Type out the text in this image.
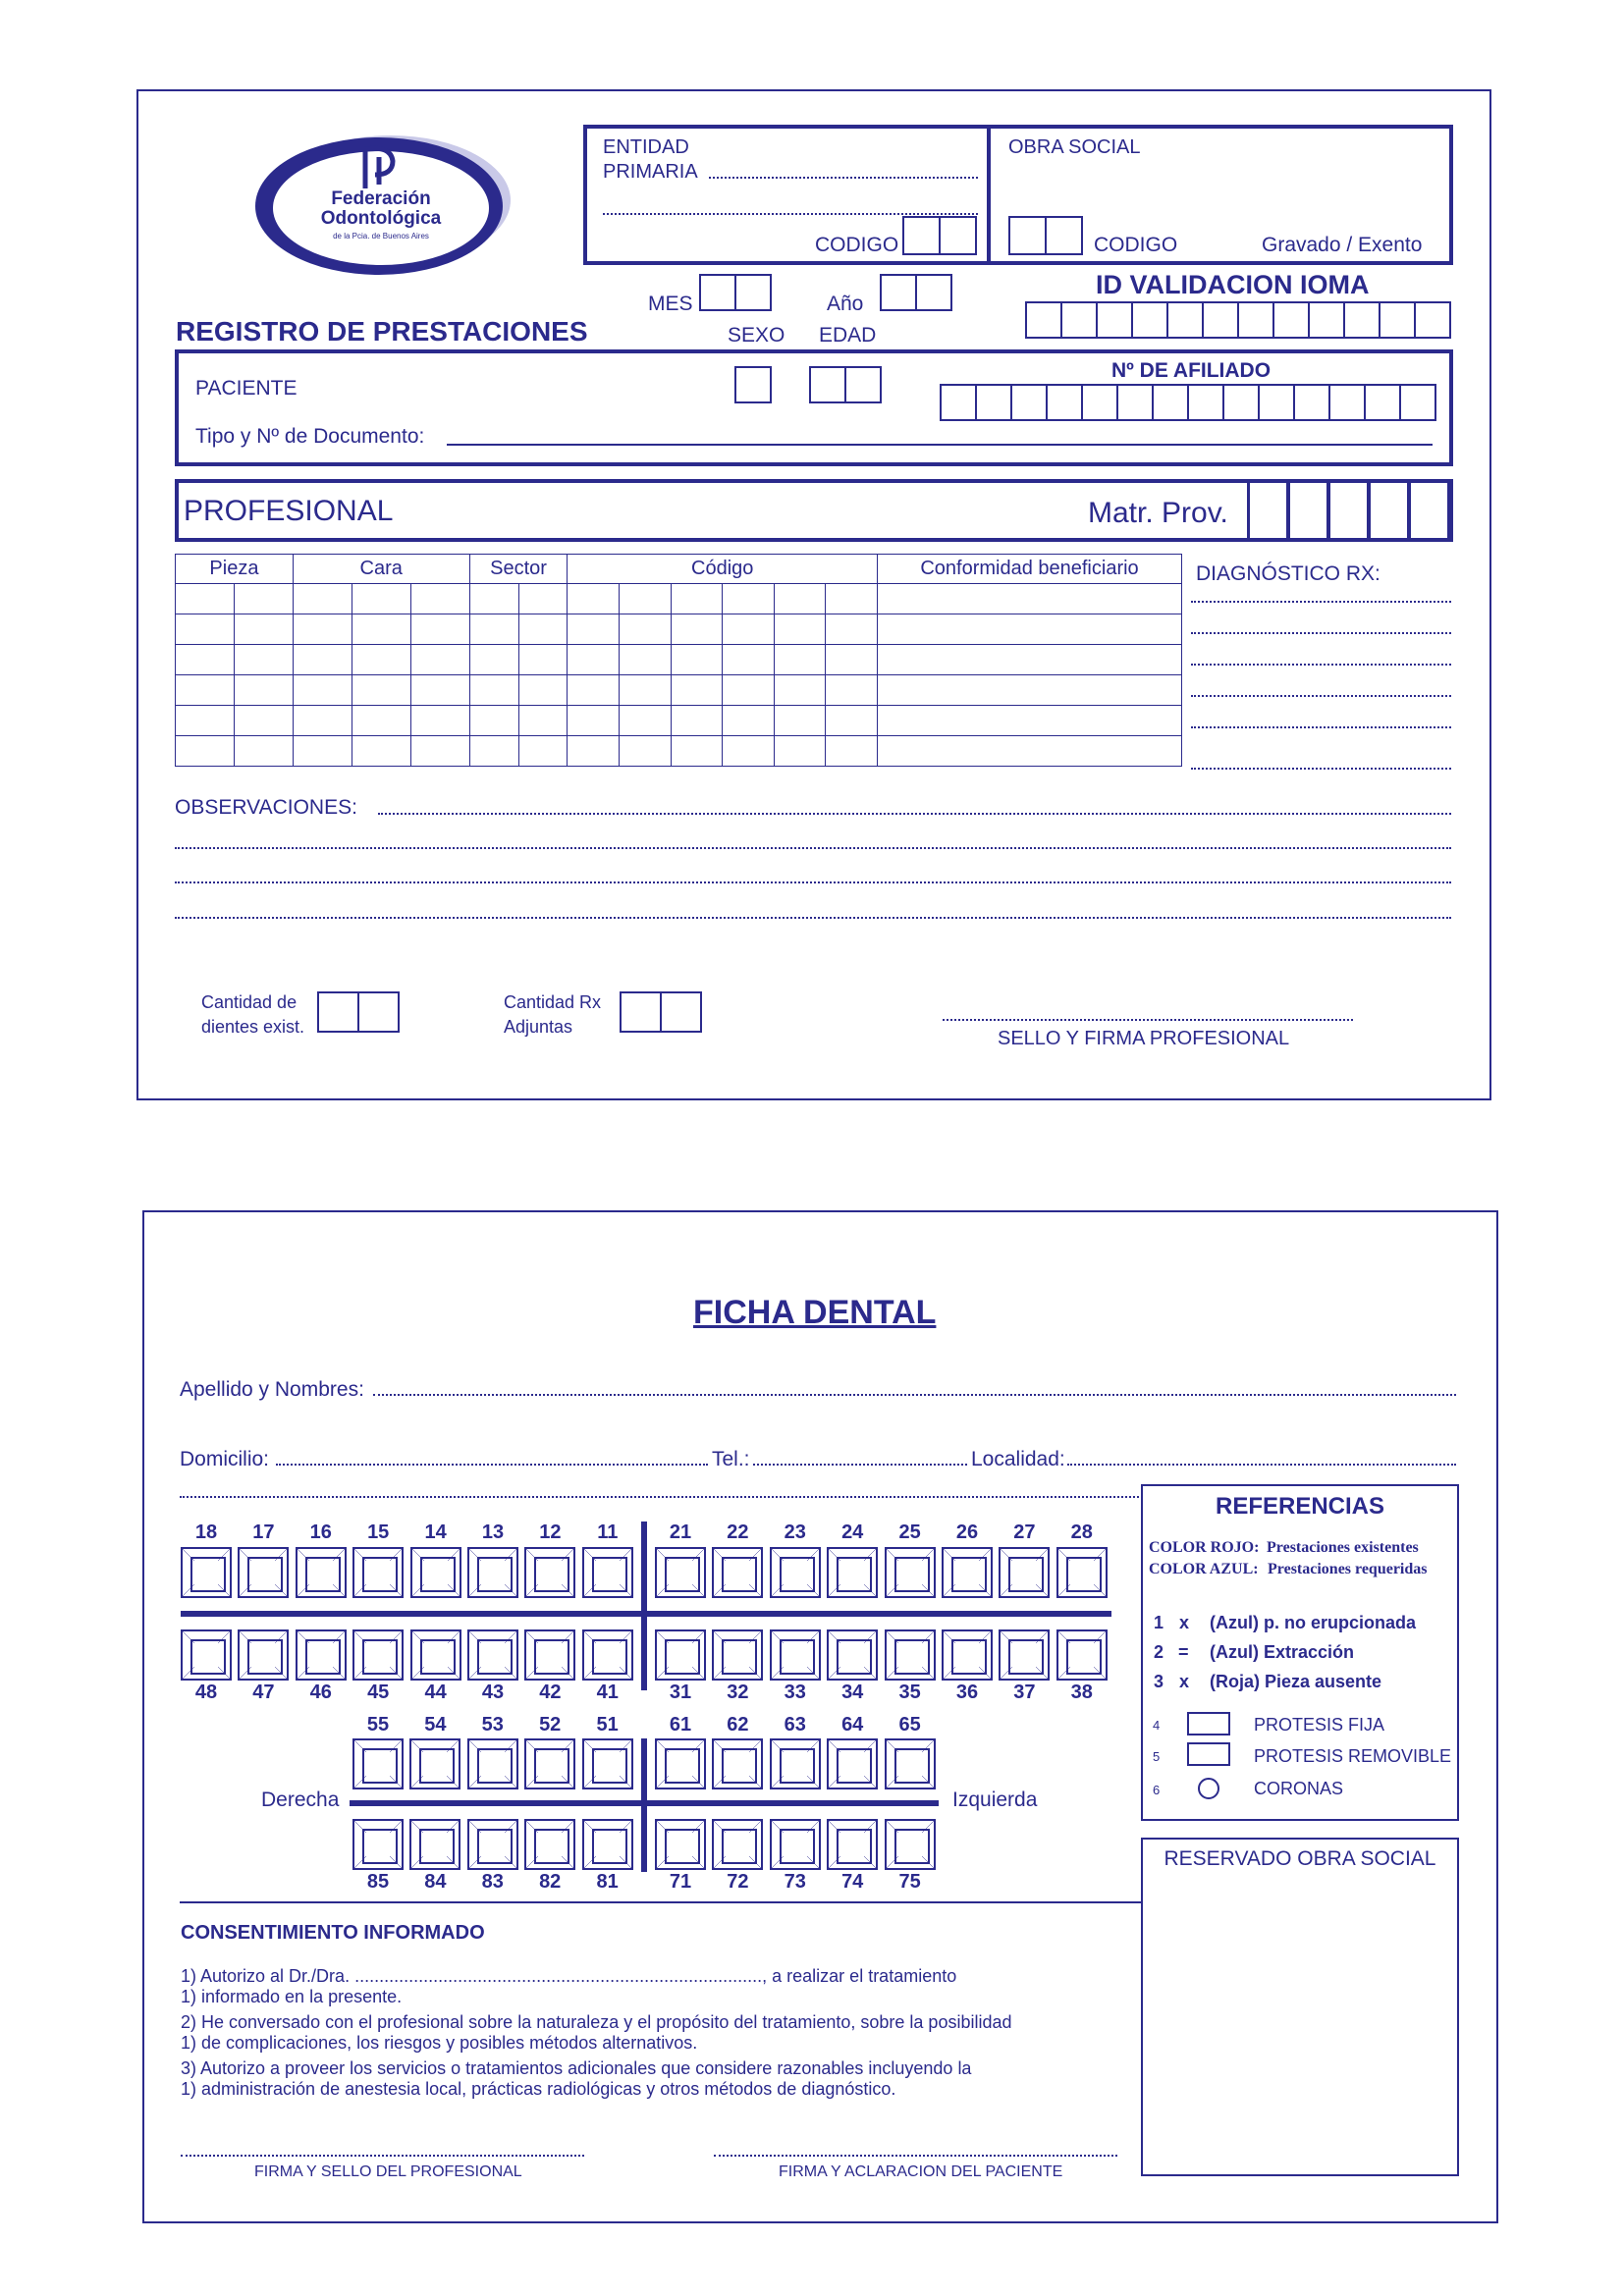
Federación
Odontológica
de la Pcia. de Buenos Aires
ENTIDAD
PRIMARIA
CODIGO
OBRA SOCIAL
CODIGO	Gravado / Exento
MES	Año
ID VALIDACION IOMA
REGISTRO DE PRESTACIONES	SEXO EDAD
Nº DE AFILIADO
PACIENTE
Tipo y Nº de Documento:
PROFESIONAL	Matr. Prov.
Pieza		Cara			Sector		Código						Conformidad beneficiario

														DIAGNÓSTICO RX:
OBSERVACIONES:
Cantidad de
dientes exist.
Cantidad Rx
Adjuntas
SELLO Y FIRMA PROFESIONAL
FICHA DENTAL
Apellido y Nombres:
Domicilio:	Tel.:	Localidad:
18	17	16	15	14	13	12	11	21	22	23	24	25	26	27	28
48	47	46	45	44	43	42	41	31	32	33	34	35	36	37	38
55	54	53	52	51	61	62	63	64	65
85	84	83	82	81	71	72	73	74	75
Derecha	Izquierda
REFERENCIAS
COLOR ROJO: Prestaciones existentes
COLOR AZUL: Prestaciones requeridas
1 x (Azul) p. no erupcionada
2 = (Azul) Extracción
3 x (Roja) Pieza ausente
4	PROTESIS FIJA
5	PROTESIS REMOVIBLE
6	CORONAS
RESERVADO OBRA SOCIAL
CONSENTIMIENTO INFORMADO
1) Autorizo al Dr./Dra. ..................................................................................., a realizar el tratamiento
1) informado en la presente.
2) He conversado con el profesional sobre la naturaleza y el propósito del tratamiento, sobre la posibilidad
1) de complicaciones, los riesgos y posibles métodos alternativos.
3) Autorizo a proveer los servicios o tratamientos adicionales que considere razonables incluyendo la
1) administración de anestesia local, prácticas radiológicas y otros métodos de diagnóstico.
FIRMA Y SELLO DEL PROFESIONAL	FIRMA Y ACLARACION DEL PACIENTE
